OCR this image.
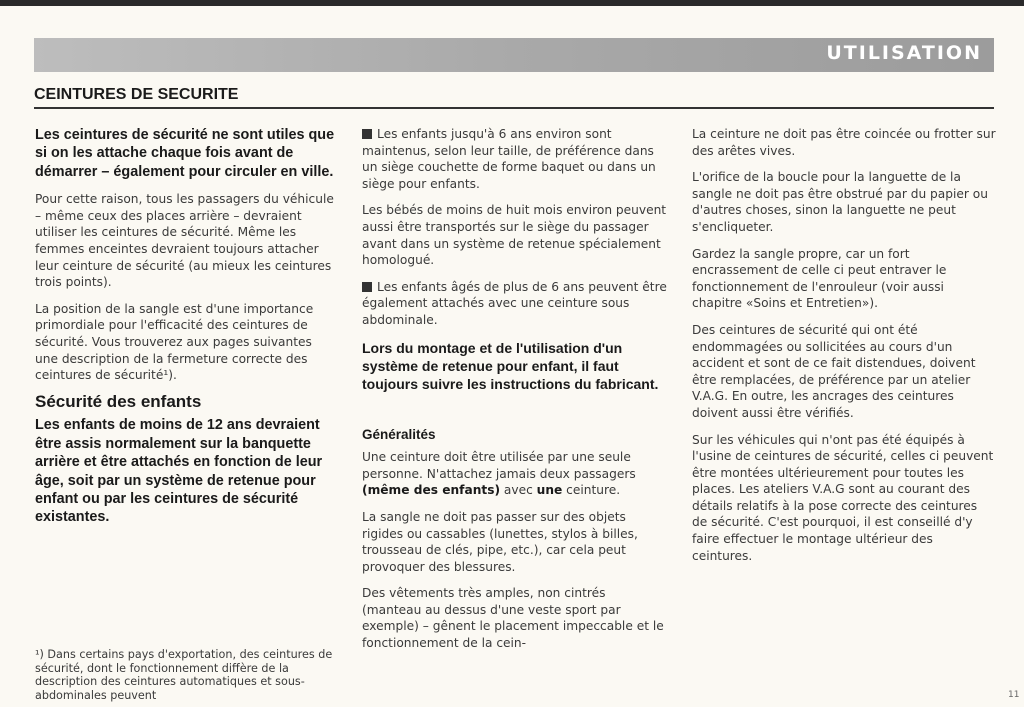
UTILISATION
CEINTURES DE SECURITE

Les ceintures de sécurité ne sont utiles que si on les attache chaque fois avant de démarrer – également pour circuler en ville.

Pour cette raison, tous les passagers du véhicule – même ceux des places arrière – devraient utiliser les ceintures de sécurité. Même les femmes enceintes devraient toujours attacher leur ceinture de sécurité (au mieux les ceintures trois points).

La position de la sangle est d'une importance primordiale pour l'efficacité des ceintures de sécurité. Vous trouverez aux pages suivantes une description de la fermeture correcte des ceintures de sécurité¹).

Sécurité des enfants

Les enfants de moins de 12 ans devraient être assis normalement sur la banquette arrière et être attachés en fonction de leur âge, soit par un système de retenue pour enfant ou par les ceintures de sécurité existantes.

¹) Dans certains pays d'exportation, des ceintures de sécurité, dont le fonctionnement diffère de la description des ceintures automatiques et sous-abdominales peuvent

Les enfants jusqu'à 6 ans environ sont maintenus, selon leur taille, de préférence dans un siège couchette de forme baquet ou dans un siège pour enfants.

Les bébés de moins de huit mois environ peuvent aussi être transportés sur le siège du passager avant dans un système de retenue spécialement homologué.

Les enfants âgés de plus de 6 ans peuvent être également attachés avec une ceinture sous abdominale.

Lors du montage et de l'utilisation d'un système de retenue pour enfant, il faut toujours suivre les instructions du fabricant.

Généralités

Une ceinture doit être utilisée par une seule personne. N'attachez jamais deux passagers (même des enfants) avec une ceinture.

La sangle ne doit pas passer sur des objets rigides ou cassables (lunettes, stylos à billes, trousseau de clés, pipe, etc.), car cela peut provoquer des blessures.

Des vêtements très amples, non cintrés (manteau au dessus d'une veste sport par exemple) – gênent le placement impeccable et le fonctionnement de la cein-

La ceinture ne doit pas être coincée ou frotter sur des arêtes vives.

L'orifice de la boucle pour la languette de la sangle ne doit pas être obstrué par du papier ou d'autres choses, sinon la languette ne peut s'encliqueter.

Gardez la sangle propre, car un fort encrassement de celle ci peut entraver le fonctionnement de l'enrouleur (voir aussi chapitre «Soins et Entretien»).

Des ceintures de sécurité qui ont été endommagées ou sollicitées au cours d'un accident et sont de ce fait distendues, doivent être remplacées, de préférence par un atelier V.A.G. En outre, les ancrages des ceintures doivent aussi être vérifiés.

Sur les véhicules qui n'ont pas été équipés à l'usine de ceintures de sécurité, celles ci peuvent être montées ultérieurement pour toutes les places. Les ateliers V.A.G sont au courant des détails relatifs à la pose correcte des ceintures de sécurité. C'est pourquoi, il est conseillé d'y faire effectuer le montage ultérieur des ceintures.

11
